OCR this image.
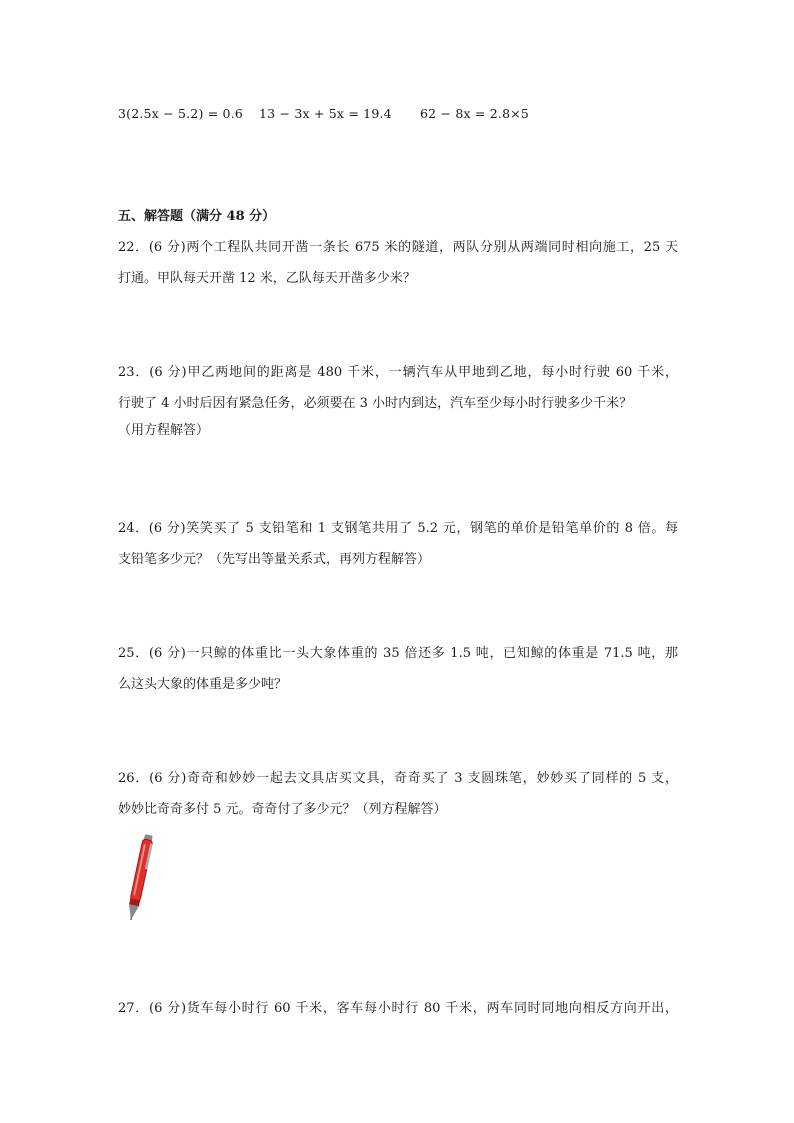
3(2.5x − 5.2) = 0.6 13 − 3x + 5x = 19.4 62 − 8x = 2.8×5
五、解答题（满分 48 分）

22．(6 分)两个工程队共同开凿一条长 675 米的隧道，两队分别从两端同时相向施工，25 天

打通。甲队每天开凿 12 米，乙队每天开凿多少米？

23．(6 分)甲乙两地间的距离是 480 千米，一辆汽车从甲地到乙地，每小时行驶 60 千米，

行驶了 4 小时后因有紧急任务，必须要在 3 小时内到达，汽车至少每小时行驶多少千米？

（用方程解答）

24．(6 分)笑笑买了 5 支铅笔和 1 支钢笔共用了 5.2 元，钢笔的单价是铅笔单价的 8 倍。每

支铅笔多少元？（先写出等量关系式，再列方程解答）

25．(6 分)一只鲸的体重比一头大象体重的 35 倍还多 1.5 吨，已知鲸的体重是 71.5 吨，那

么这头大象的体重是多少吨？

26．(6 分)奇奇和妙妙一起去文具店买文具，奇奇买了 3 支圆珠笔，妙妙买了同样的 5 支，

妙妙比奇奇多付 5 元。奇奇付了多少元？（列方程解答）

27．(6 分)货车每小时行 60 千米，客车每小时行 80 千米，两车同时同地向相反方向开出，
